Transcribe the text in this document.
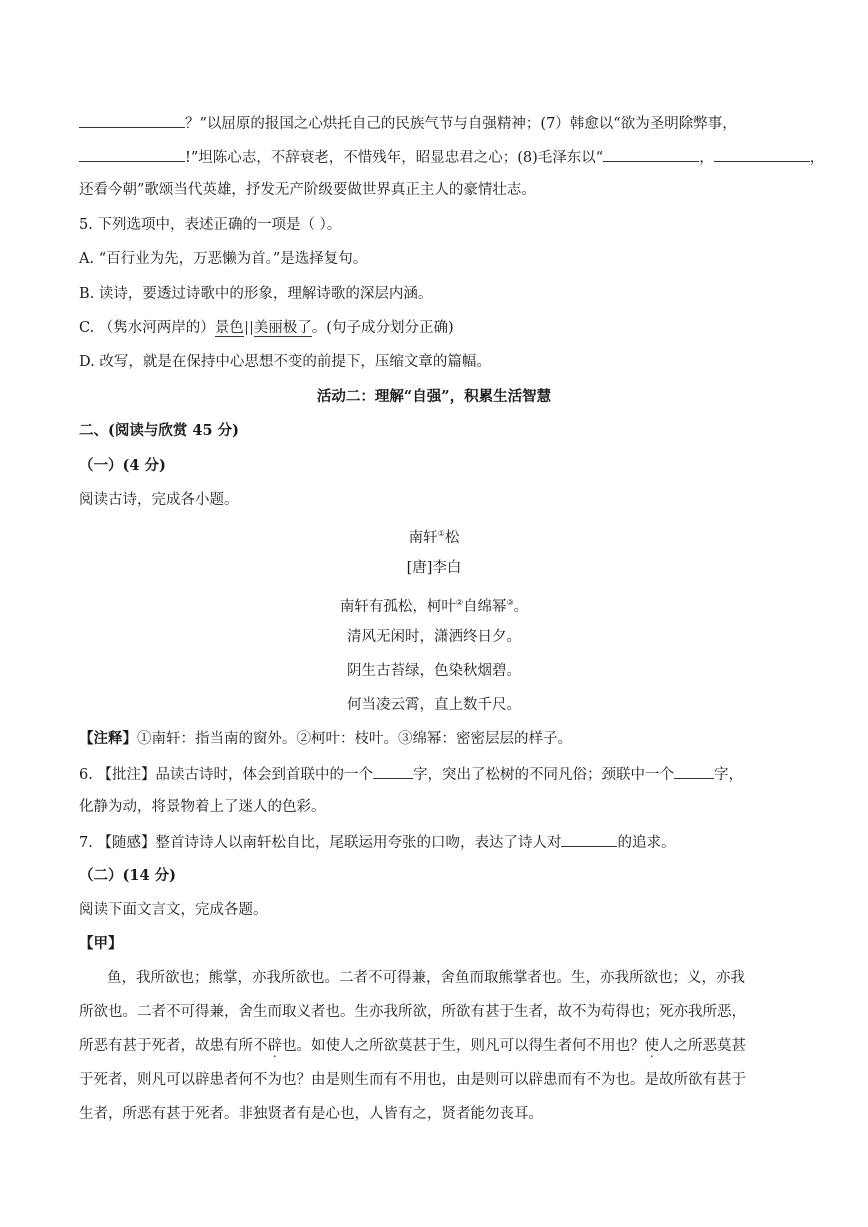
？”以屈原的报国之心烘托自己的民族气节与自强精神；(7）韩愈以“欲为圣明除弊事，
!”坦陈心志，不辞衰老，不惜残年，昭显忠君之心；(8)毛泽东以“	，	，
还看今朝”歌颂当代英雄，抒发无产阶级要做世界真正主人的豪情壮志。
5. 下列选项中，表述正确的一项是（ ）。
A. “百行业为先，万恶懒为首。”是选择复句。
B. 读诗，要透过诗歌中的形象，理解诗歌的深层内涵。
C. （隽水河两岸的）景色 美丽极了。(句子成分划分正确)
D. 改写，就是在保持中心思想不变的前提下，压缩文章的篇幅。
活动二：理解“自强”，积累生活智慧
二、(阅读与欣赏 45 分)
（一）(4 分)
阅读古诗，完成各小题。
南轩①松
[唐]李白
南轩有孤松，柯叶②自绵幂③。
清风无闲时，潇洒终日夕。
阴生古苔绿，色染秋烟碧。
何当凌云霄，直上数千尺。
【注释】①南轩：指当南的窗外。②柯叶：枝叶。③绵幂：密密层层的样子。
6. 【批注】品读古诗时，体会到首联中的一个	字，突出了松树的不同凡俗；颈联中一个	字，
化静为动，将景物着上了迷人的色彩。
7. 【随感】整首诗诗人以南轩松自比，尾联运用夸张的口吻，表达了诗人对	的追求。
（二）(14 分)
阅读下面文言文，完成各题。
【甲】
鱼，我所欲也；熊掌，亦我所欲也。二者不可得兼，舍鱼而取熊掌者也。生，亦我所欲也；义，亦我
所欲也。二者不可得兼，舍生而取义者也。生亦我所欲，所欲有甚于生者，故不为苟得也；死亦我所恶，
所恶有甚于死者，故患有所不辟也。如使人之所欲莫甚于生，则凡可以得生者何不用也？使人之所恶莫甚
于死者，则凡可以辟患者何不为也？由是则生而有不用也，由是则可以辟患而有不为也。是故所欲有甚于
生者，所恶有甚于死者。非独贤者有是心也，人皆有之，贤者能勿丧耳。
